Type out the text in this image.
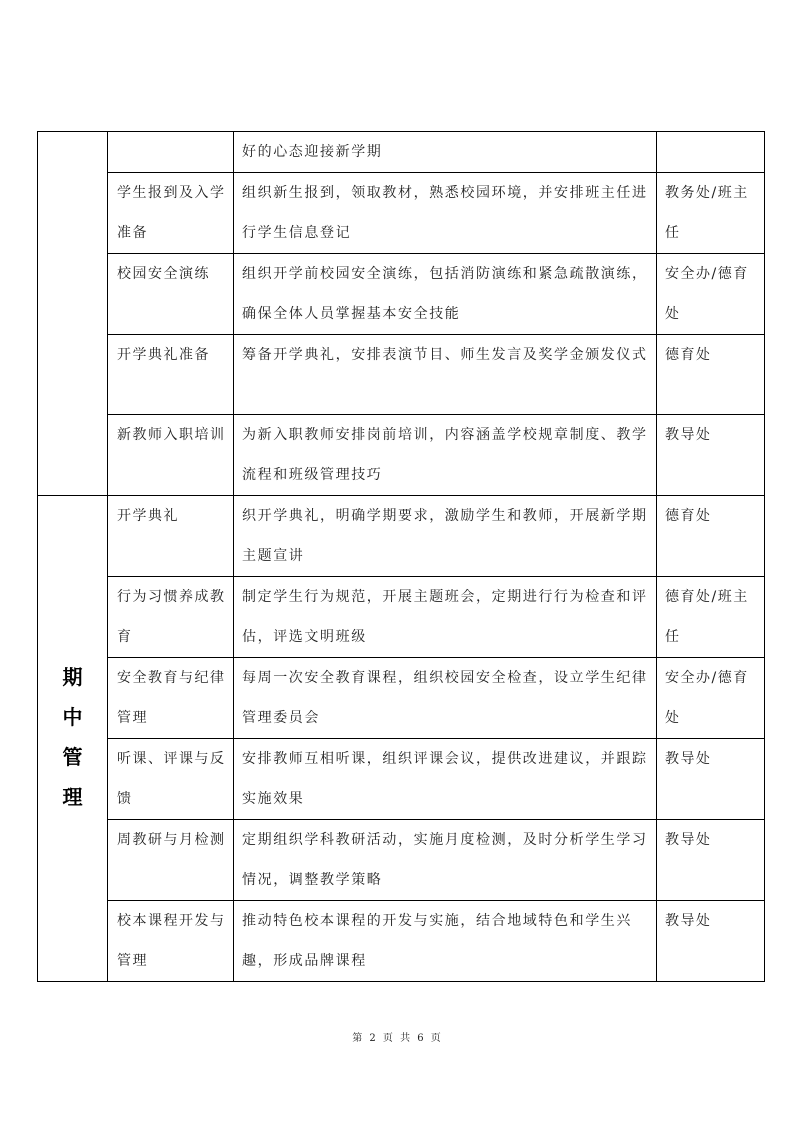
		好的心态迎接新学期	
	学生报到及入学准备	组织新生报到，领取教材，熟悉校园环境，并安排班主任进行学生信息登记	教务处/班主任
	校园安全演练	组织开学前校园安全演练，包括消防演练和紧急疏散演练，确保全体人员掌握基本安全技能	安全办/德育处
	开学典礼准备	筹备开学典礼，安排表演节目、师生发言及奖学金颁发仪式	德育处
	新教师入职培训	为新入职教师安排岗前培训，内容涵盖学校规章制度、教学流程和班级管理技巧	教导处
期中管理	开学典礼	织开学典礼，明确学期要求，激励学生和教师，开展新学期主题宣讲	德育处
	行为习惯养成教育	制定学生行为规范，开展主题班会，定期进行行为检查和评估，评选文明班级	德育处/班主任
	安全教育与纪律管理	每周一次安全教育课程，组织校园安全检查，设立学生纪律管理委员会	安全办/德育处
	听课、评课与反馈	安排教师互相听课，组织评课会议，提供改进建议，并跟踪实施效果	教导处
	周教研与月检测	定期组织学科教研活动，实施月度检测，及时分析学生学习情况，调整教学策略	教导处
	校本课程开发与管理	推动特色校本课程的开发与实施，结合地域特色和学生兴趣，形成品牌课程	教导处
第 2 页 共 6 页
